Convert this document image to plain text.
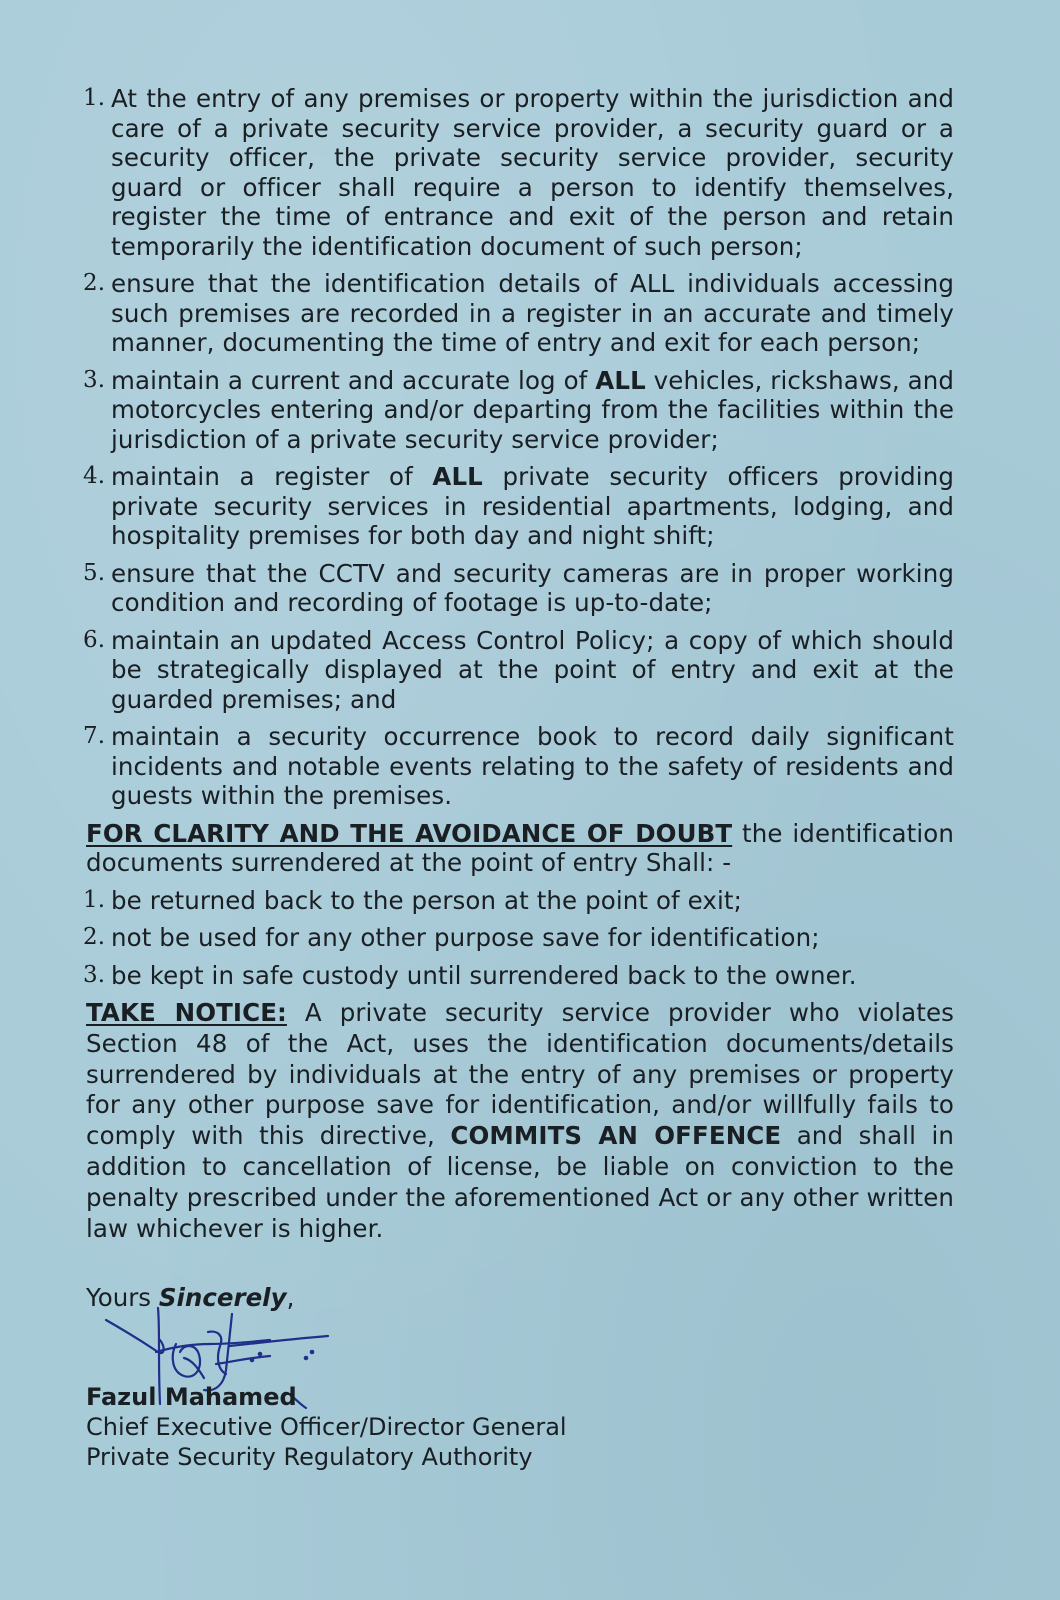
1. At the entry of any premises or property within the jurisdiction and care of a private security service provider, a security guard or a security officer, the private security service provider, security guard or officer shall require a person to identify themselves, register the time of entrance and exit of the person and retain temporarily the identification document of such person;
2. ensure that the identification details of ALL individuals accessing such premises are recorded in a register in an accurate and timely manner, documenting the time of entry and exit for each person;
3. maintain a current and accurate log of ALL vehicles, rickshaws, and motorcycles entering and/or departing from the facilities within the jurisdiction of a private security service provider;
4. maintain a register of ALL private security officers providing private security services in residential apartments, lodging, and hospitality premises for both day and night shift;
5. ensure that the CCTV and security cameras are in proper working condition and recording of footage is up-to-date;
6. maintain an updated Access Control Policy; a copy of which should be strategically displayed at the point of entry and exit at the guarded premises; and
7. maintain a security occurrence book to record daily significant incidents and notable events relating to the safety of residents and guests within the premises.

FOR CLARITY AND THE AVOIDANCE OF DOUBT the identification documents surrendered at the point of entry Shall: -

1. be returned back to the person at the point of exit;
2. not be used for any other purpose save for identification;
3. be kept in safe custody until surrendered back to the owner.

TAKE NOTICE: A private security service provider who violates Section 48 of the Act, uses the identification documents/details surrendered by individuals at the entry of any premises or property for any other purpose save for identification, and/or willfully fails to comply with this directive, COMMITS AN OFFENCE and shall in addition to cancellation of license, be liable on conviction to the penalty prescribed under the aforementioned Act or any other written law whichever is higher.

Yours Sincerely,
Fazul Mahamed
Chief Executive Officer/Director General
Private Security Regulatory Authority
